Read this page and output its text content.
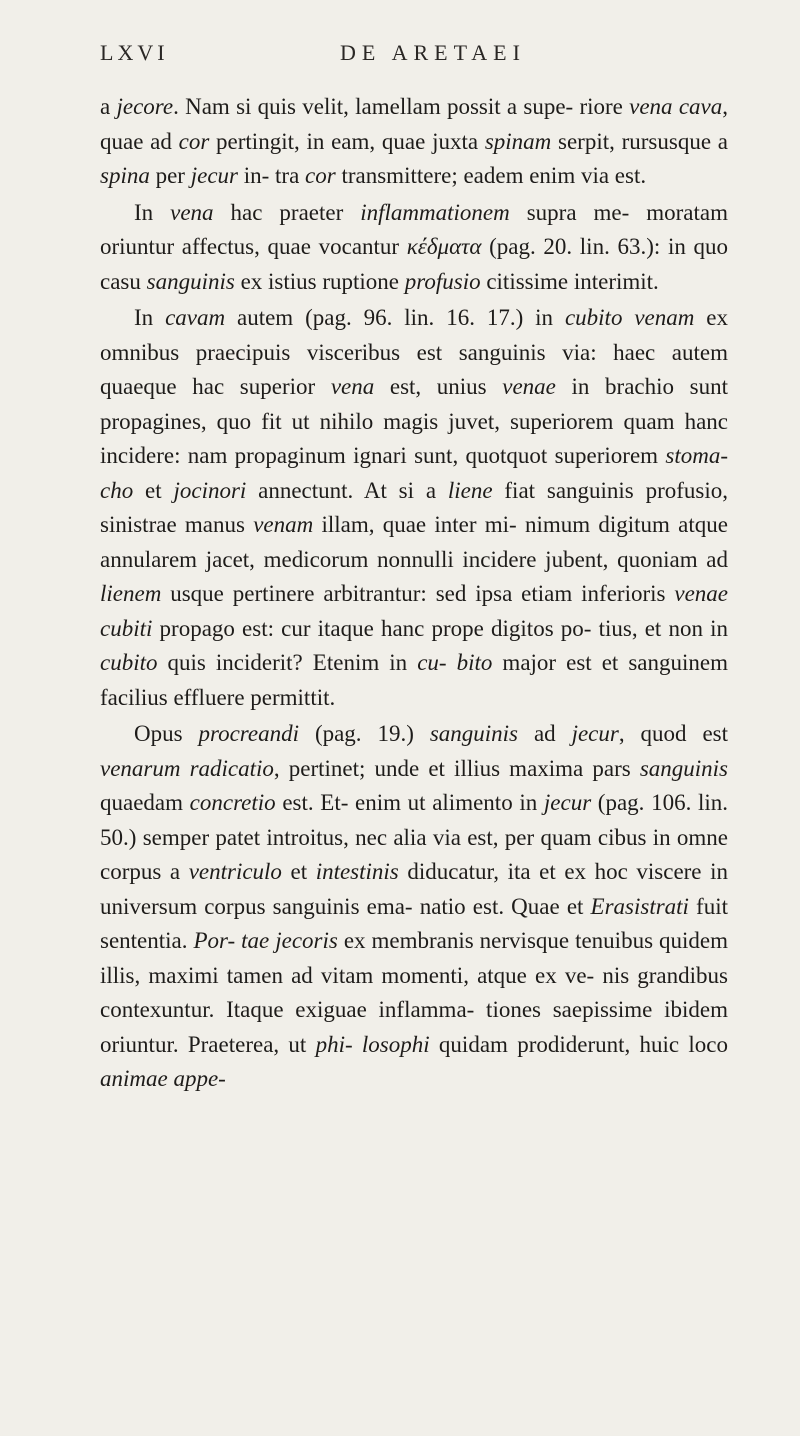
LXVI	DE ARETAEI

a jecore. Nam si quis velit, lamellam possit a supe- riore vena cava, quae ad cor pertingit, in eam, quae juxta spinam serpit, rursusque a spina per jecur in- tra cor transmittere; eadem enim via est.

In vena hac praeter inflammationem supra me- moratam oriuntur affectus, quae vocantur κέδματα (pag. 20. lin. 63.): in quo casu sanguinis ex istius ruptione profusio citissime interimit.

In cavam autem (pag. 96. lin. 16. 17.) in cubito venam ex omnibus praecipuis visceribus est sanguinis via: haec autem quaeque hac superior vena est, unius venae in brachio sunt propagines, quo fit ut nihilo magis juvet, superiorem quam hanc incidere: nam propaginum ignari sunt, quotquot superiorem stoma- cho et jocinori annectunt. At si a liene fiat sanguinis profusio, sinistrae manus venam illam, quae inter mi- nimum digitum atque annularem jacet, medicorum nonnulli incidere jubent, quoniam ad lienem usque pertinere arbitrantur: sed ipsa etiam inferioris venae cubiti propago est: cur itaque hanc prope digitos po- tius, et non in cubito quis inciderit? Etenim in cu- bito major est et sanguinem facilius effluere permittit.

Opus procreandi (pag. 19.) sanguinis ad jecur, quod est venarum radicatio, pertinet; unde et illius maxima pars sanguinis quaedam concretio est. Et- enim ut alimento in jecur (pag. 106. lin. 50.) semper patet introitus, nec alia via est, per quam cibus in omne corpus a ventriculo et intestinis diducatur, ita et ex hoc viscere in universum corpus sanguinis ema- natio est. Quae et Erasistrati fuit sententia. Por- tae jecoris ex membranis nervisque tenuibus quidem illis, maximi tamen ad vitam momenti, atque ex ve- nis grandibus contexuntur. Itaque exiguae inflamma- tiones saepissime ibidem oriuntur. Praeterea, ut phi- losophi quidam prodiderunt, huic loco animae appe-
